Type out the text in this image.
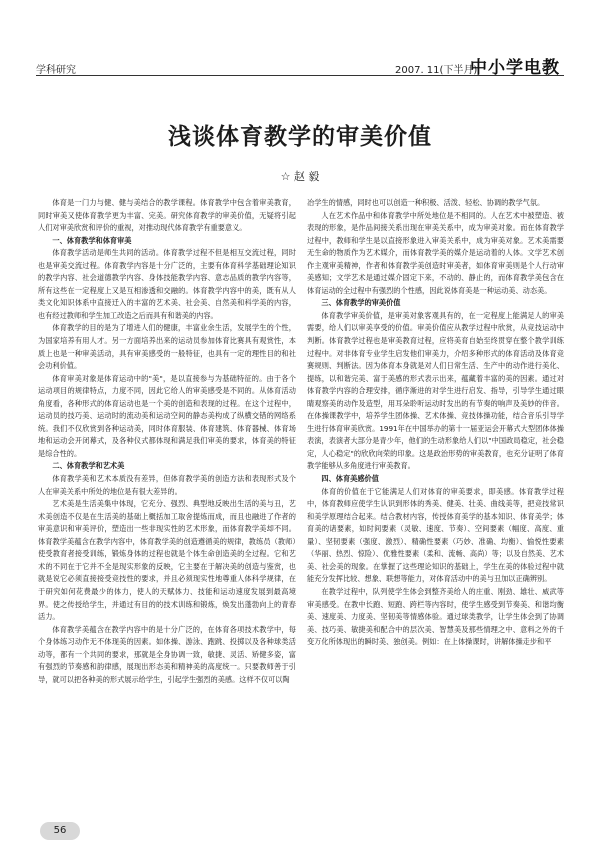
学科研究	2007. 11(下半月)
中小学电教
浅谈体育教学的审美价值
☆ 赵 毅

体育是一门力与健、健与美结合的教学课程。体育教学中包含着审美教育，同时审美又使体育教学更为丰富、完美。研究体育教学的审美价值，无疑将引起人们对审美欣赏和评价的重视，对推动现代体育教学有重要意义。

一、体育教学和体育审美

体育教学活动是师生共同的活动。体育教学过程不但是相互交流过程，同时也是审美交流过程。体育教学内容是十分广泛的，主要有体育科学基础理论知识的教学内容、社会道德教学内容、身体技能教学内容、意志品质的教学内容等，所有这些在一定程度上又是互相渗透和交融的。体育教学内容中的美，既有从人类文化知识体系中直接迁入的丰富的艺术美、社会美、自然美和科学美的内容，也有经过教师和学生加工改造之后而具有和谐美的内容。

体育教学的目的是为了增进人们的健康，丰富业余生活，发展学生的个性，为国家培养有用人才。另一方面培养出来的运动员参加体育比赛具有观赏性，本质上也是一种审美活动，具有审美感受的一般特征，也具有一定的理性目的和社会功利价值。

体育审美对象是体育运动中的"美"，是以直接参与为基础特征的。由于各个运动项目的规律特点，力度不同，因此它给人的审美感受是不同的。从体育活动角度看，各种形式的体育运动也是一个美的创造和表现的过程。在这个过程中，运动员的技巧美、运动时的流动美和运动空间的静态美构成了纵横交错的网络系统。我们不仅欣赏到各种运动美，同时体育服装、体育建筑、体育器械、体育场地和运动会开闭幕式，及各种仪式都体现和满足我们审美的要求，体育美的特征是综合性的。

二、体育教学和艺术美

体育教学美和艺术本质没有差异，但体育教学美的创造方法和表现形式及个人在审美关系中所处的地位是有很大差异的。

艺术美是生活美集中体现，它充分、强烈、典型地反映出生活的美与丑，艺术美创造不仅是在生活美的基础上概括加工取舍提炼而成，而且也融进了作者的审美意识和审美评价，塑造出一些非现实性的艺术形象，而体育教学美却不同。体育教学美蕴含在教学内容中，体育教学美的创造遵循美的规律，教练员（教师）使受教育者接受训练，锻炼身体的过程也就是个体生命创造美的全过程。它和艺术的不同在于它并不全是现实形象的反映，它主要在于解决美的创造与鉴赏，也就是说它必须直接接受竞技性的要求，并且必须现实性地尊重人体科学规律，在于研究如何花费最少的体力，使人的天赋体力、技能和运动速度发展到最高境界。使之传授给学生，并通过有目的的技术训练和锻炼，焕发出蓬勃向上的青春活力。

体育教学美蕴含在教学内容中的是十分广泛的，在体育各项技术教学中，每个身体练习动作无不体现美的因素。如体操、游泳、跑跳、投掷以及各种球类活动等，都有一个共同的要求，那就是全身协调一致，敏捷、灵活、矫健多姿，富有强烈的节奏感和韵律感，展现出形态美和精神美的高度统一。只要教师善于引导，就可以把各种美的形式展示给学生，引起学生强烈的美感。这样不仅可以陶

冶学生的情感，同时也可以创造一种积极、活泼、轻松、协调的教学气氛。

人在艺术作品中和体育教学中所处地位是不相同的。人在艺术中被塑造、被表现的形象，是作品间接关系出现在审美关系中，成为审美对象。而在体育教学过程中，教师和学生是以直接形象进入审美关系中，成为审美对象。艺术美需要无生命的物质作为艺术媒介，而体育教学美的媒介是运动着的人体。文学艺术创作主观审美精神，作者和体育教学美创造时审美者，如体育审美则是个人行动审美感知；文学艺术是通过媒介固定下来，不动的、静止的，而体育教学美包含在体育运动的全过程中有强烈的个性感，因此说体育美是一种运动美、动态美。

三、体育教学的审美价值

体育教学审美价值，是审美对象客观具有的，在一定程度上能满足人的审美需要，给人们以审美享受的价值。审美价值应从教学过程中欣赏，从竞技运动中判断。体育教学过程也是审美教育过程，应将美育自始至终贯穿在整个教学训练过程中。对非体育专业学生启发他们审美力，介绍多种形式的体育活动及体育竞赛规则、判断法。因为体育本身就是对人们日常生活、生产中的动作进行美化、提练，以和谐完美、富于美感的形式表示出来，蕴藏着丰富的美的因素。通过对体育教学内容的合理安排，循序渐进的对学生进行启发、指导，引导学生通过眼睛观察美的动作及造型，用耳朵聆听运动时发出的有节奏的响声及美妙的伴音。在体操课教学中，培养学生团体操、艺术体操、竞技体操功能，结合音乐引导学生进行体育审美欣赏。1991年在中国举办的第十一届亚运会开幕式大型团体体操表演，表演者大部分是青少年，他们的生动形象给人们以"中国政局稳定，社会稳定，人心稳定"的欣欣向荣的印象。这是政治形势的审美教育，也充分证明了体育教学能够从多角度进行审美教育。

四、体育美感价值

体育的价值在于它能满足人们对体育的审美要求，即美感。体育教学过程中，体育教师应使学生认识到形体的秀美、健美、壮美、曲线美等，把竞技常识和美学原理结合起来。结合教材内容，传授体育美学的基本知识、体育美学；体育美的诸要素，如时间要素（灵敏、速度、节奏）、空间要素（幅度、高度、重量）、坚韧要素（强度、激烈）、精确性要素（巧妙、准确、均衡）、愉悦性要素（华丽、热烈、惊险）、优雅性要素（柔和、流畅、高尚）等；以及自然美、艺术美、社会美的现象。在掌握了这些理论知识的基础上，学生在美的体验过程中就能充分发挥比较、想象、联想等能力，对体育活动中的美与丑加以正确辨别。

在教学过程中，队列使学生体会到整齐美给人的庄重、刚劲、雄壮、威武等审美感受。在教中长跑、短跑、跨栏等内容时，使学生感受到节奏美、和谐均衡美、速度美、力度美、坚韧美等情感体验。通过球类教学，让学生体会到了协调美、技巧美、敏捷美和配合中的层次美、智慧美及那些情理之中、意料之外的千变万化所体现出的瞬时美、独创美。例如：在上体操课时，讲解体操走步和平

56
